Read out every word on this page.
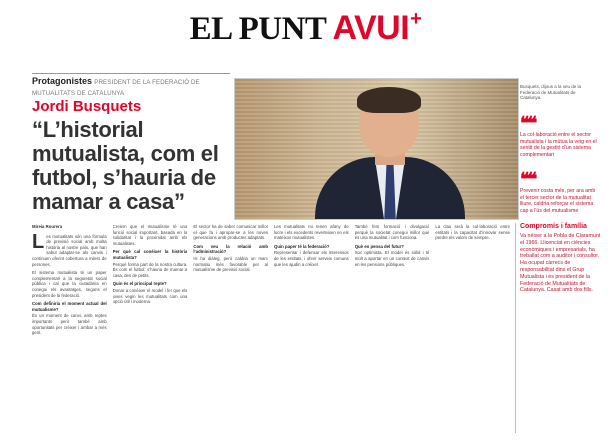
EL PUNT AVUI+
Protagonistes PRESIDENT DE LA FEDERACIÓ DE MUTUALITATS DE CATALUNYA
Jordi Busquets
“L’historial mutualista, com el futbol, s’hauria de mamar a casa”
Busquets, dijous a la seu de la Federació de Mutualitats de Catalunya.
❝❝
La col·laboració entre el sector mutualista i la mútua la veig en el sentit de la gestió d’un sistema complementari
❝❝
Prevenir costa més, per ara amb el tercer sector de la mutualitat lliure, caldria reforçar el sistema cap a l’ús del mutualisme
Compromís i família
Va néixer a la Pobla de Claramunt el 1966. Llicenciat en ciències econòmiques i empresarials, ha treballat com a auditor i consultor. Ha ocupat càrrecs de responsabilitat dins el Grup Mutualista i és president de la Federació de Mutualitats de Catalunya. Casat amb dos fills.
Mireia Rourera

Les mutualitats són una fórmula de previsió social amb molta història al nostre país, que han sabut adaptar-se als canvis i continuen oferint cobertura a milers de persones.

El sistema mutualista té un paper complementari a la seguretat social pública i cal que la ciutadania en conegui els avantatges, segons el president de la federació.

Com definiria el moment actual del mutualisme?

És un moment de canvi, amb reptes importants però també amb oportunitats per créixer i arribar a més gent.

Creiem que el mutualisme té una funció social important, basada en la solidaritat i la proximitat amb els mutualistes.

Per què cal conèixer la història mutualista?

Perquè forma part de la nostra cultura. És com el futbol: s’hauria de mamar a casa, des de petits.

Quin és el principal repte?

Donar a conèixer el model i fer que els joves vegin les mutualitats com una opció útil i moderna.

El sector ha de saber comunicar millor el que fa i apropar-se a les noves generacions amb productes adaptats.

Com veu la relació amb l’administració?

Hi ha diàleg, però caldria un marc normatiu més favorable per al mutualisme de previsió social.

Les mutualitats no tenen afany de lucre i els excedents reverteixen en els mateixos mutualistes.

Quin paper té la federació?

Representar i defensar els interessos de les entitats, i oferir serveis comuns que les ajudin a créixer.

També fem formació i divulgació perquè la societat conegui millor què és una mutualitat i com funciona.

Què en pensa del futur?

Soc optimista. El model és sòlid i té molt a aportar en un context de canvis en les pensions públiques.

La clau serà la col·laboració entre entitats i la capacitat d’innovar sense perdre els valors de sempre.
